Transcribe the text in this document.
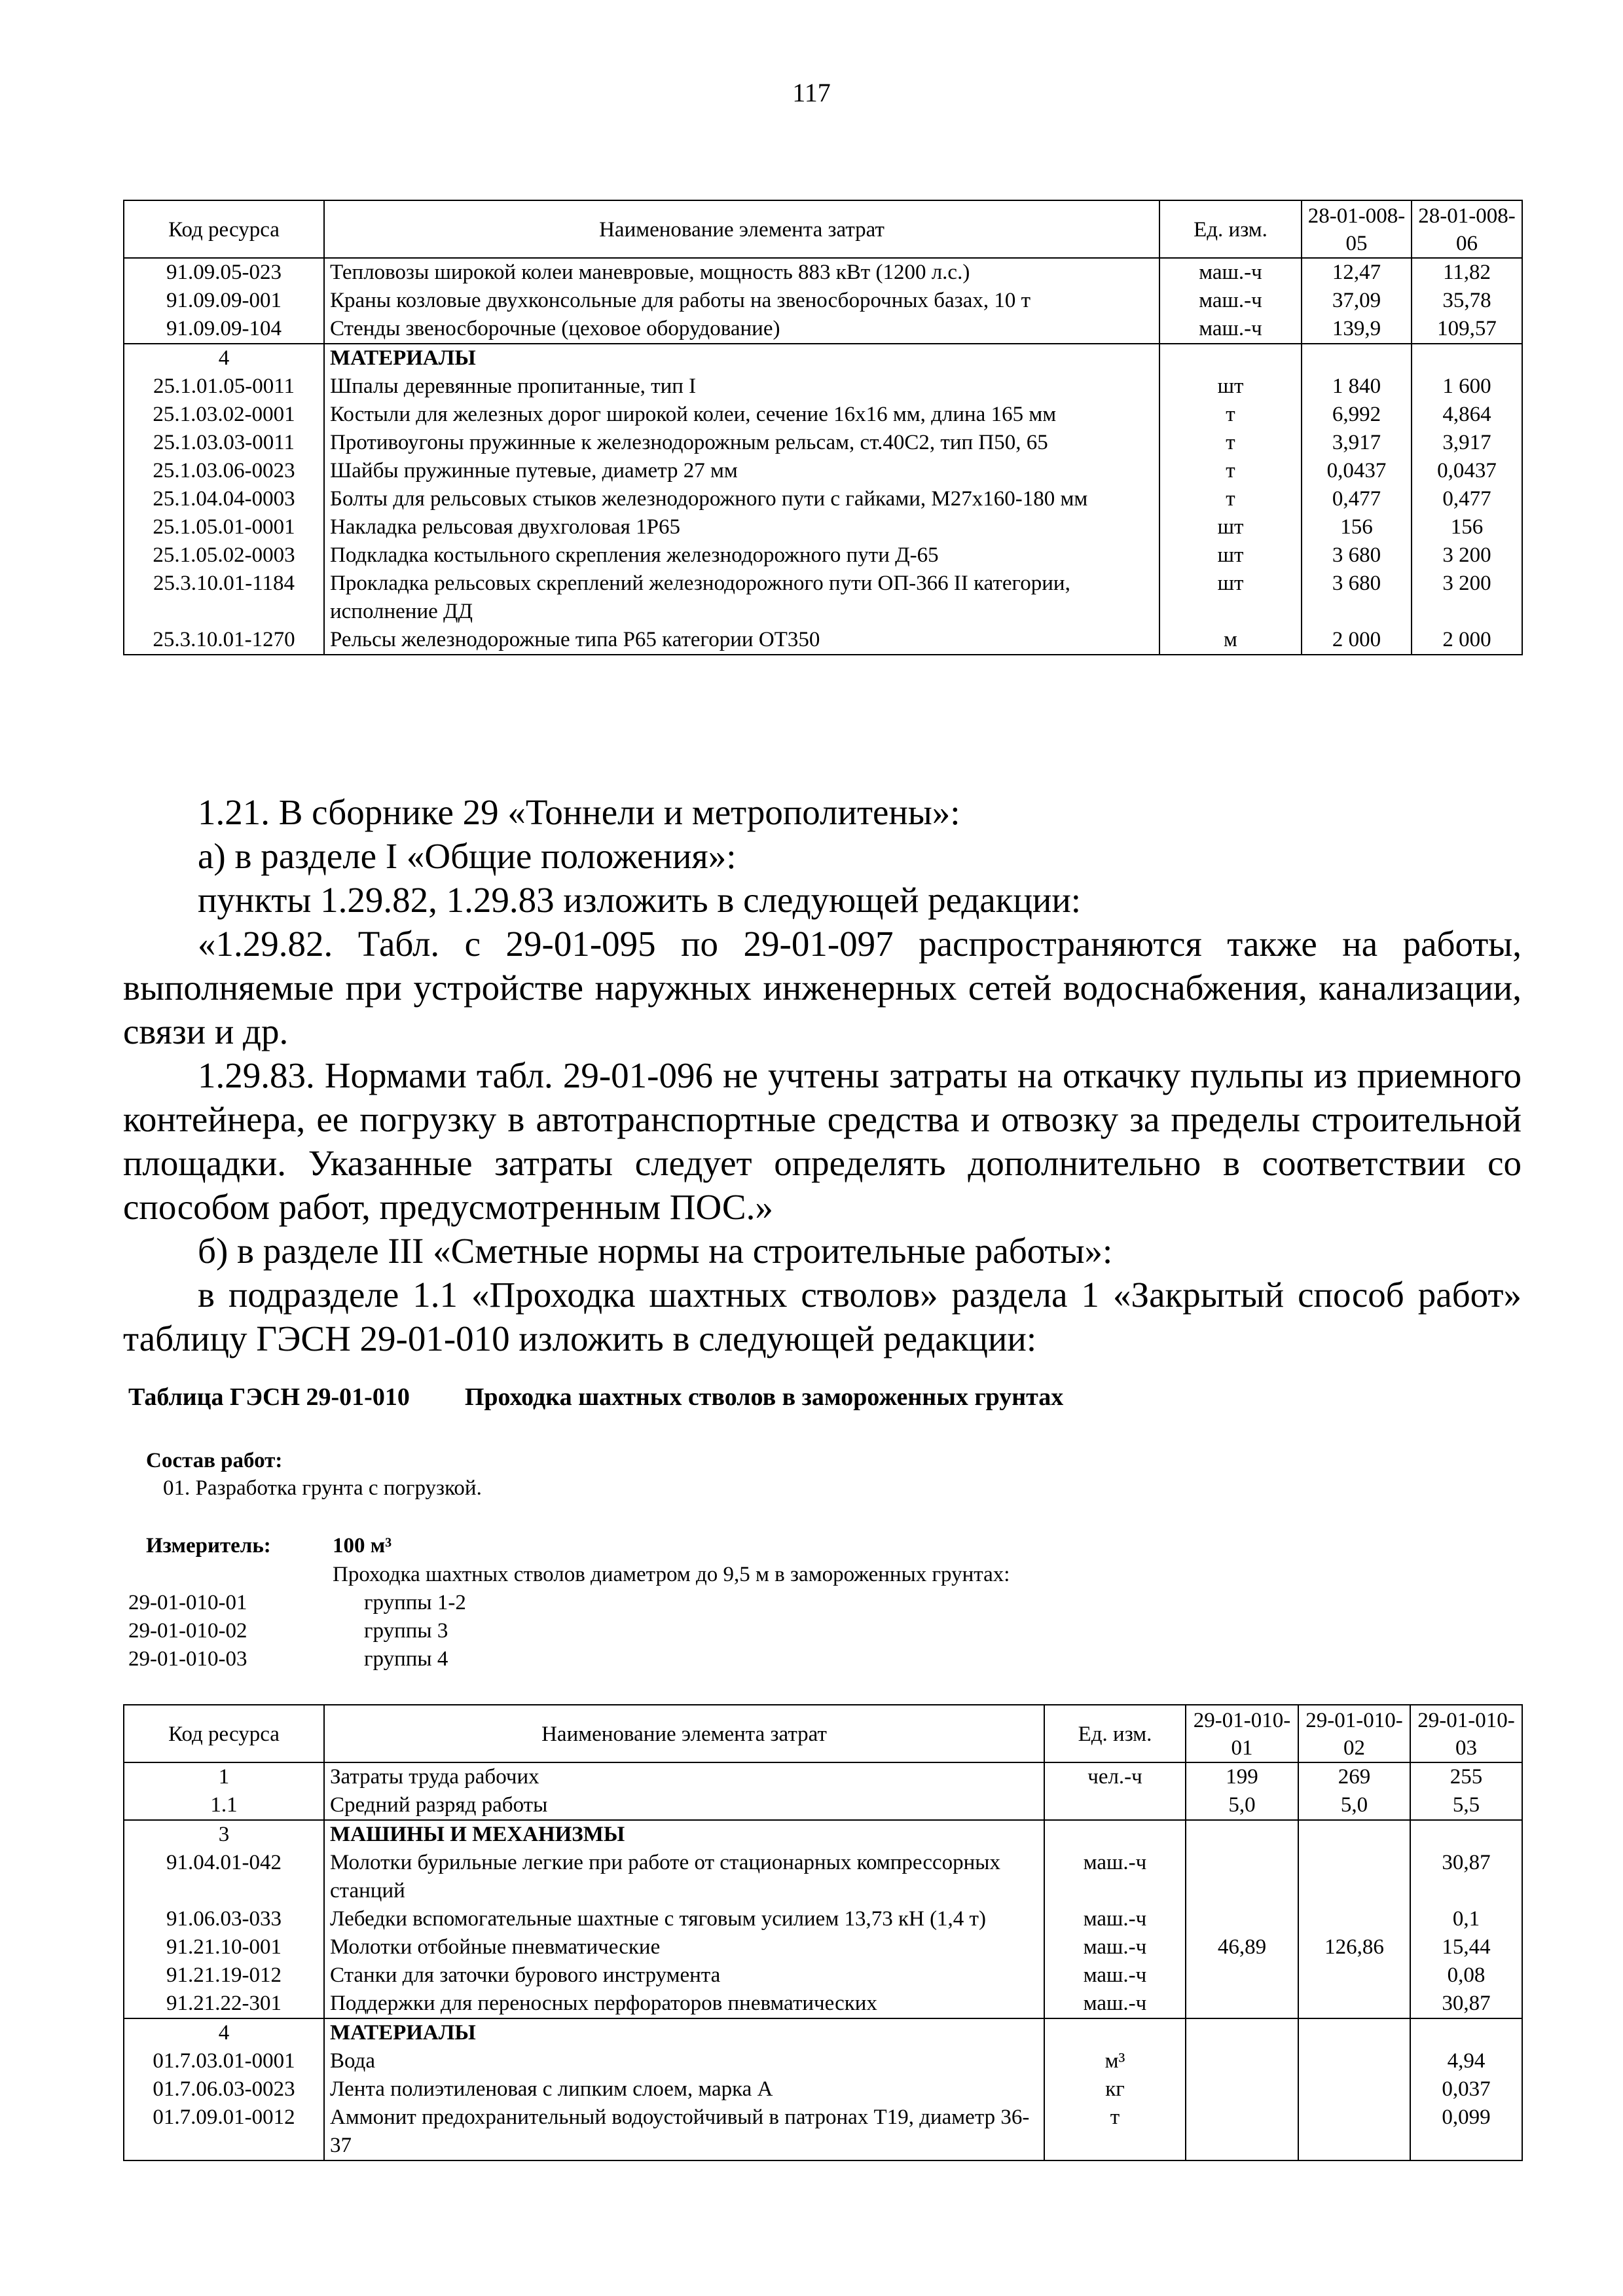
117
Код ресурса	Наименование элемента затрат	Ед. изм.	28-01-008-05	28-01-008-06
91.09.05-023	Тепловозы широкой колеи маневровые, мощность 883 кВт (1200 л.с.)	маш.-ч	12,47	11,82
91.09.09-001	Краны козловые двухконсольные для работы на звеносборочных базах, 10 т	маш.-ч	37,09	35,78
91.09.09-104	Стенды звеносборочные (цеховое оборудование)	маш.-ч	139,9	109,57
4	МАТЕРИАЛЫ			
25.1.01.05-0011	Шпалы деревянные пропитанные, тип I	шт	1 840	1 600
25.1.03.02-0001	Костыли для железных дорог широкой колеи, сечение 16х16 мм, длина 165 мм	т	6,992	4,864
25.1.03.03-0011	Противоугоны пружинные к железнодорожным рельсам, ст.40С2, тип П50, 65	т	3,917	3,917
25.1.03.06-0023	Шайбы пружинные путевые, диаметр 27 мм	т	0,0437	0,0437
25.1.04.04-0003	Болты для рельсовых стыков железнодорожного пути с гайками, М27х160-180 мм	т	0,477	0,477
25.1.05.01-0001	Накладка рельсовая двухголовая 1Р65	шт	156	156
25.1.05.02-0003	Подкладка костыльного скрепления железнодорожного пути Д-65	шт	3 680	3 200
25.3.10.01-1184	Прокладка рельсовых скреплений железнодорожного пути ОП-366 II категории, исполнение ДД	шт	3 680	3 200
25.3.10.01-1270	Рельсы железнодорожные типа Р65 категории ОТ350	м	2 000	2 000

1.21. В сборнике 29 «Тоннели и метрополитены»:

а) в разделе I «Общие положения»:

пункты 1.29.82, 1.29.83 изложить в следующей редакции:

«1.29.82. Табл. с 29-01-095 по 29-01-097 распространяются также на работы, выполняемые при устройстве наружных инженерных сетей водоснабжения, канализации, связи и др.

1.29.83. Нормами табл. 29-01-096 не учтены затраты на откачку пульпы из приемного контейнера, ее погрузку в автотранспортные средства и отвозку за пределы строительной площадки. Указанные затраты следует определять дополнительно в соответствии со способом работ, предусмотренным ПОС.»

б) в разделе III «Сметные нормы на строительные работы»:

в подразделе 1.1 «Проходка шахтных стволов» раздела 1 «Закрытый способ работ» таблицу ГЭСН 29-01-010 изложить в следующей редакции:

Таблица ГЭСН 29-01-010 Проходка шахтных стволов в замороженных грунтах
Состав работ:
01. Разработка грунта с погрузкой.
Измеритель:	100 м³
Проходка шахтных стволов диаметром до 9,5 м в замороженных грунтах:
29-01-010-01	группы 1-2
29-01-010-02	группы 3
29-01-010-03	группы 4
Код ресурса	Наименование элемента затрат	Ед. изм.	29-01-010-01	29-01-010-02	29-01-010-03
1	Затраты труда рабочих	чел.-ч	199	269	255
1.1	Средний разряд работы		5,0	5,0	5,5
3	МАШИНЫ И МЕХАНИЗМЫ				
91.04.01-042	Молотки бурильные легкие при работе от стационарных компрессорных станций	маш.-ч			30,87
91.06.03-033	Лебедки вспомогательные шахтные с тяговым усилием 13,73 кН (1,4 т)	маш.-ч			0,1
91.21.10-001	Молотки отбойные пневматические	маш.-ч	46,89	126,86	15,44
91.21.19-012	Станки для заточки бурового инструмента	маш.-ч			0,08
91.21.22-301	Поддержки для переносных перфораторов пневматических	маш.-ч			30,87
4	МАТЕРИАЛЫ				
01.7.03.01-0001	Вода	м³			4,94
01.7.06.03-0023	Лента полиэтиленовая с липким слоем, марка А	кг			0,037
01.7.09.01-0012	Аммонит предохранительный водоустойчивый в патронах Т19, диаметр 36-37	т			0,099
